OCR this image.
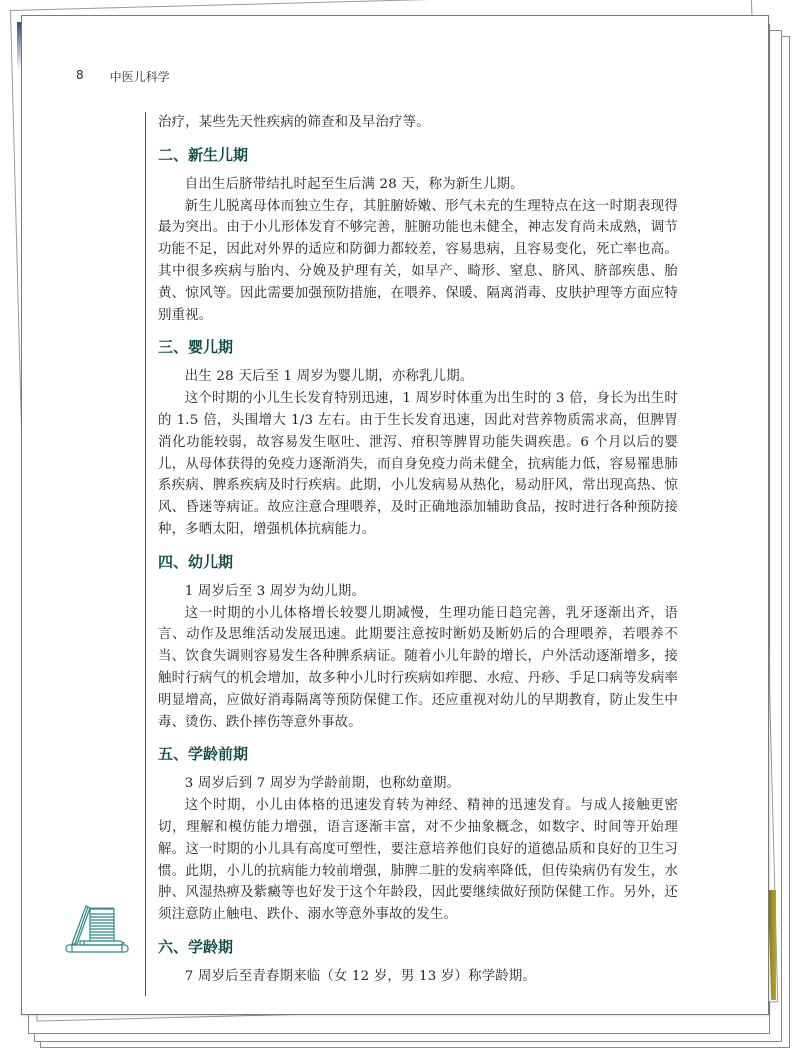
8 中医儿科学

治疗，某些先天性疾病的筛查和及早治疗等。

二、新生儿期

自出生后脐带结扎时起至生后满 28 天，称为新生儿期。

新生儿脱离母体而独立生存，其脏腑娇嫩、形气未充的生理特点在这一时期表现得最为突出。由于小儿形体发育不够完善，脏腑功能也未健全，神志发育尚未成熟，调节功能不足，因此对外界的适应和防御力都较差，容易患病，且容易变化，死亡率也高。其中很多疾病与胎内、分娩及护理有关，如早产、畸形、窒息、脐风、脐部疾患、胎黄、惊风等。因此需要加强预防措施，在喂养、保暖、隔离消毒、皮肤护理等方面应特别重视。

三、婴儿期

出生 28 天后至 1 周岁为婴儿期，亦称乳儿期。

这个时期的小儿生长发育特别迅速，1 周岁时体重为出生时的 3 倍，身长为出生时的 1.5 倍，头围增大 1/3 左右。由于生长发育迅速，因此对营养物质需求高，但脾胃消化功能较弱，故容易发生呕吐、泄泻、疳积等脾胃功能失调疾患。6 个月以后的婴儿，从母体获得的免疫力逐渐消失，而自身免疫力尚未健全，抗病能力低，容易罹患肺系疾病、脾系疾病及时行疾病。此期，小儿发病易从热化，易动肝风，常出现高热、惊风、昏迷等病证。故应注意合理喂养，及时正确地添加辅助食品，按时进行各种预防接种，多晒太阳，增强机体抗病能力。

四、幼儿期

1 周岁后至 3 周岁为幼儿期。

这一时期的小儿体格增长较婴儿期减慢，生理功能日趋完善，乳牙逐渐出齐，语言、动作及思维活动发展迅速。此期要注意按时断奶及断奶后的合理喂养，若喂养不当、饮食失调则容易发生各种脾系病证。随着小儿年龄的增长，户外活动逐渐增多，接触时行病气的机会增加，故多种小儿时行疾病如痄腮、水痘、丹痧、手足口病等发病率明显增高，应做好消毒隔离等预防保健工作。还应重视对幼儿的早期教育，防止发生中毒、烫伤、跌仆摔伤等意外事故。

五、学龄前期

3 周岁后到 7 周岁为学龄前期，也称幼童期。

这个时期，小儿由体格的迅速发育转为神经、精神的迅速发育。与成人接触更密切，理解和模仿能力增强，语言逐渐丰富，对不少抽象概念，如数字、时间等开始理解。这一时期的小儿具有高度可塑性，要注意培养他们良好的道德品质和良好的卫生习惯。此期，小儿的抗病能力较前增强，肺脾二脏的发病率降低，但传染病仍有发生，水肿、风湿热痹及紫癜等也好发于这个年龄段，因此要继续做好预防保健工作。另外，还须注意防止触电、跌仆、溺水等意外事故的发生。

六、学龄期

7 周岁后至青春期来临（女 12 岁，男 13 岁）称学龄期。
